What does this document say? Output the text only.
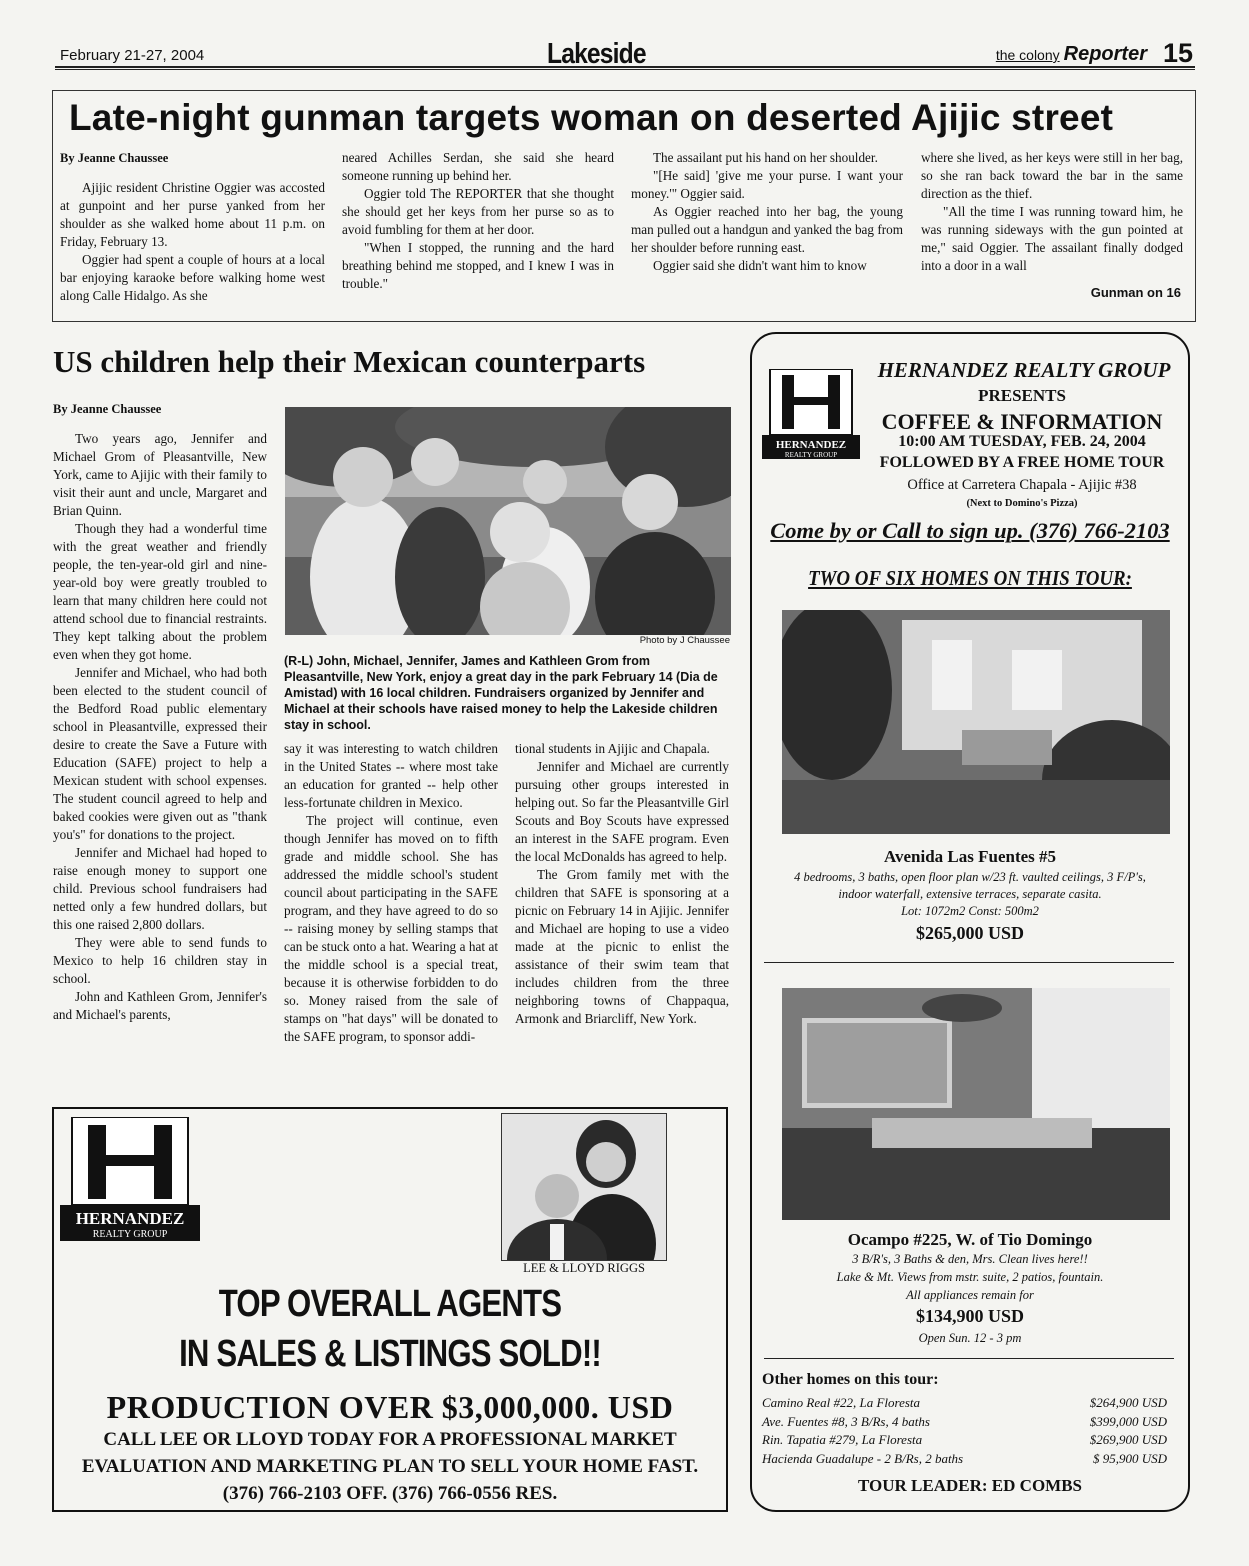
February 21-27, 2004	Lakeside	the colony Reporter 15
Late-night gunman targets woman on deserted Ajijic street

By Jeanne Chaussee

Ajijic resident Christine Oggier was accosted at gunpoint and her purse yanked from her shoulder as she walked home about 11 p.m. on Friday, February 13.

Oggier had spent a couple of hours at a local bar enjoying karaoke before walking home west along Calle Hidalgo. As she

neared Achilles Serdan, she said she heard someone running up behind her.

Oggier told The REPORTER that she thought she should get her keys from her purse so as to avoid fumbling for them at her door.

"When I stopped, the running and the hard breathing behind me stopped, and I knew I was in trouble."

The assailant put his hand on her shoulder.

"[He said] 'give me your purse. I want your money.'" Oggier said.

As Oggier reached into her bag, the young man pulled out a handgun and yanked the bag from her shoulder before running east.

Oggier said she didn't want him to know

where she lived, as her keys were still in her bag, so she ran back toward the bar in the same direction as the thief.

"All the time I was running toward him, he was running sideways with the gun pointed at me," said Oggier. The assailant finally dodged into a door in a wall

Gunman on 16
US children help their Mexican counterparts

By Jeanne Chaussee

Two years ago, Jennifer and Michael Grom of Pleasantville, New York, came to Ajijic with their family to visit their aunt and uncle, Margaret and Brian Quinn.

Though they had a wonderful time with the great weather and friendly people, the ten-year-old girl and nine-year-old boy were greatly troubled to learn that many children here could not attend school due to financial restraints. They kept talking about the problem even when they got home.

Jennifer and Michael, who had both been elected to the student council of the Bedford Road public elementary school in Pleasantville, expressed their desire to create the Save a Future with Education (SAFE) project to help a Mexican student with school expenses. The student council agreed to help and baked cookies were given out as "thank you's" for donations to the project.

Jennifer and Michael had hoped to raise enough money to support one child. Previous school fundraisers had netted only a few hundred dollars, but this one raised 2,800 dollars.

They were able to send funds to Mexico to help 16 children stay in school.

John and Kathleen Grom, Jennifer's and Michael's parents,

Photo by J Chaussee

(R-L) John, Michael, Jennifer, James and Kathleen Grom from Pleasantville, New York, enjoy a great day in the park February 14 (Dia de Amistad) with 16 local children. Fundraisers organized by Jennifer and Michael at their schools have raised money to help the Lakeside children stay in school.

say it was interesting to watch children in the United States -- where most take an education for granted -- help other less-fortunate children in Mexico.

The project will continue, even though Jennifer has moved on to fifth grade and middle school. She has addressed the middle school's student council about participating in the SAFE program, and they have agreed to do so -- raising money by selling stamps that can be stuck onto a hat. Wearing a hat at the middle school is a special treat, because it is otherwise forbidden to do so. Money raised from the sale of stamps on "hat days" will be donated to the SAFE program, to sponsor addi-

tional students in Ajijic and Chapala.

Jennifer and Michael are currently pursuing other groups interested in helping out. So far the Pleasantville Girl Scouts and Boy Scouts have expressed an interest in the SAFE program. Even the local McDonalds has agreed to help.

The Grom family met with the children that SAFE is sponsoring at a picnic on February 14 in Ajijic. Jennifer and Michael are hoping to use a video made at the picnic to enlist the assistance of their swim team that includes children from the three neighboring towns of Chappaqua, Armonk and Briarcliff, New York.

HERNANDEZ
REALTY GROUP
HERNANDEZ REALTY GROUP
PRESENTS
COFFEE & INFORMATION
10:00 AM TUESDAY, FEB. 24, 2004
FOLLOWED BY A FREE HOME TOUR
Office at Carretera Chapala - Ajijic #38
(Next to Domino's Pizza)
Come by or Call to sign up. (376) 766-2103
TWO OF SIX HOMES ON THIS TOUR:
Avenida Las Fuentes #5
4 bedrooms, 3 baths, open floor plan w/23 ft. vaulted ceilings, 3 F/P's,
indoor waterfall, extensive terraces, separate casita.
Lot: 1072m2 Const: 500m2
$265,000 USD
Ocampo #225, W. of Tio Domingo
3 B/R's, 3 Baths & den, Mrs. Clean lives here!!
Lake & Mt. Views from mstr. suite, 2 patios, fountain.
All appliances remain for
$134,900 USD
Open Sun. 12 - 3 pm
Other homes on this tour:
Camino Real #22, La Floresta	$264,900 USD
Ave. Fuentes #8, 3 B/Rs, 4 baths	$399,000 USD
Rin. Tapatia #279, La Floresta	$269,900 USD
Hacienda Guadalupe - 2 B/Rs, 2 baths	$ 95,900 USD
TOUR LEADER: ED COMBS
HERNANDEZ
REALTY GROUP
LEE & LLOYD RIGGS
TOP OVERALL AGENTS
IN SALES & LISTINGS SOLD!!
PRODUCTION OVER $3,000,000. USD
CALL LEE OR LLOYD TODAY FOR A PROFESSIONAL MARKET
EVALUATION AND MARKETING PLAN TO SELL YOUR HOME FAST.
(376) 766-2103 OFF. (376) 766-0556 RES.
